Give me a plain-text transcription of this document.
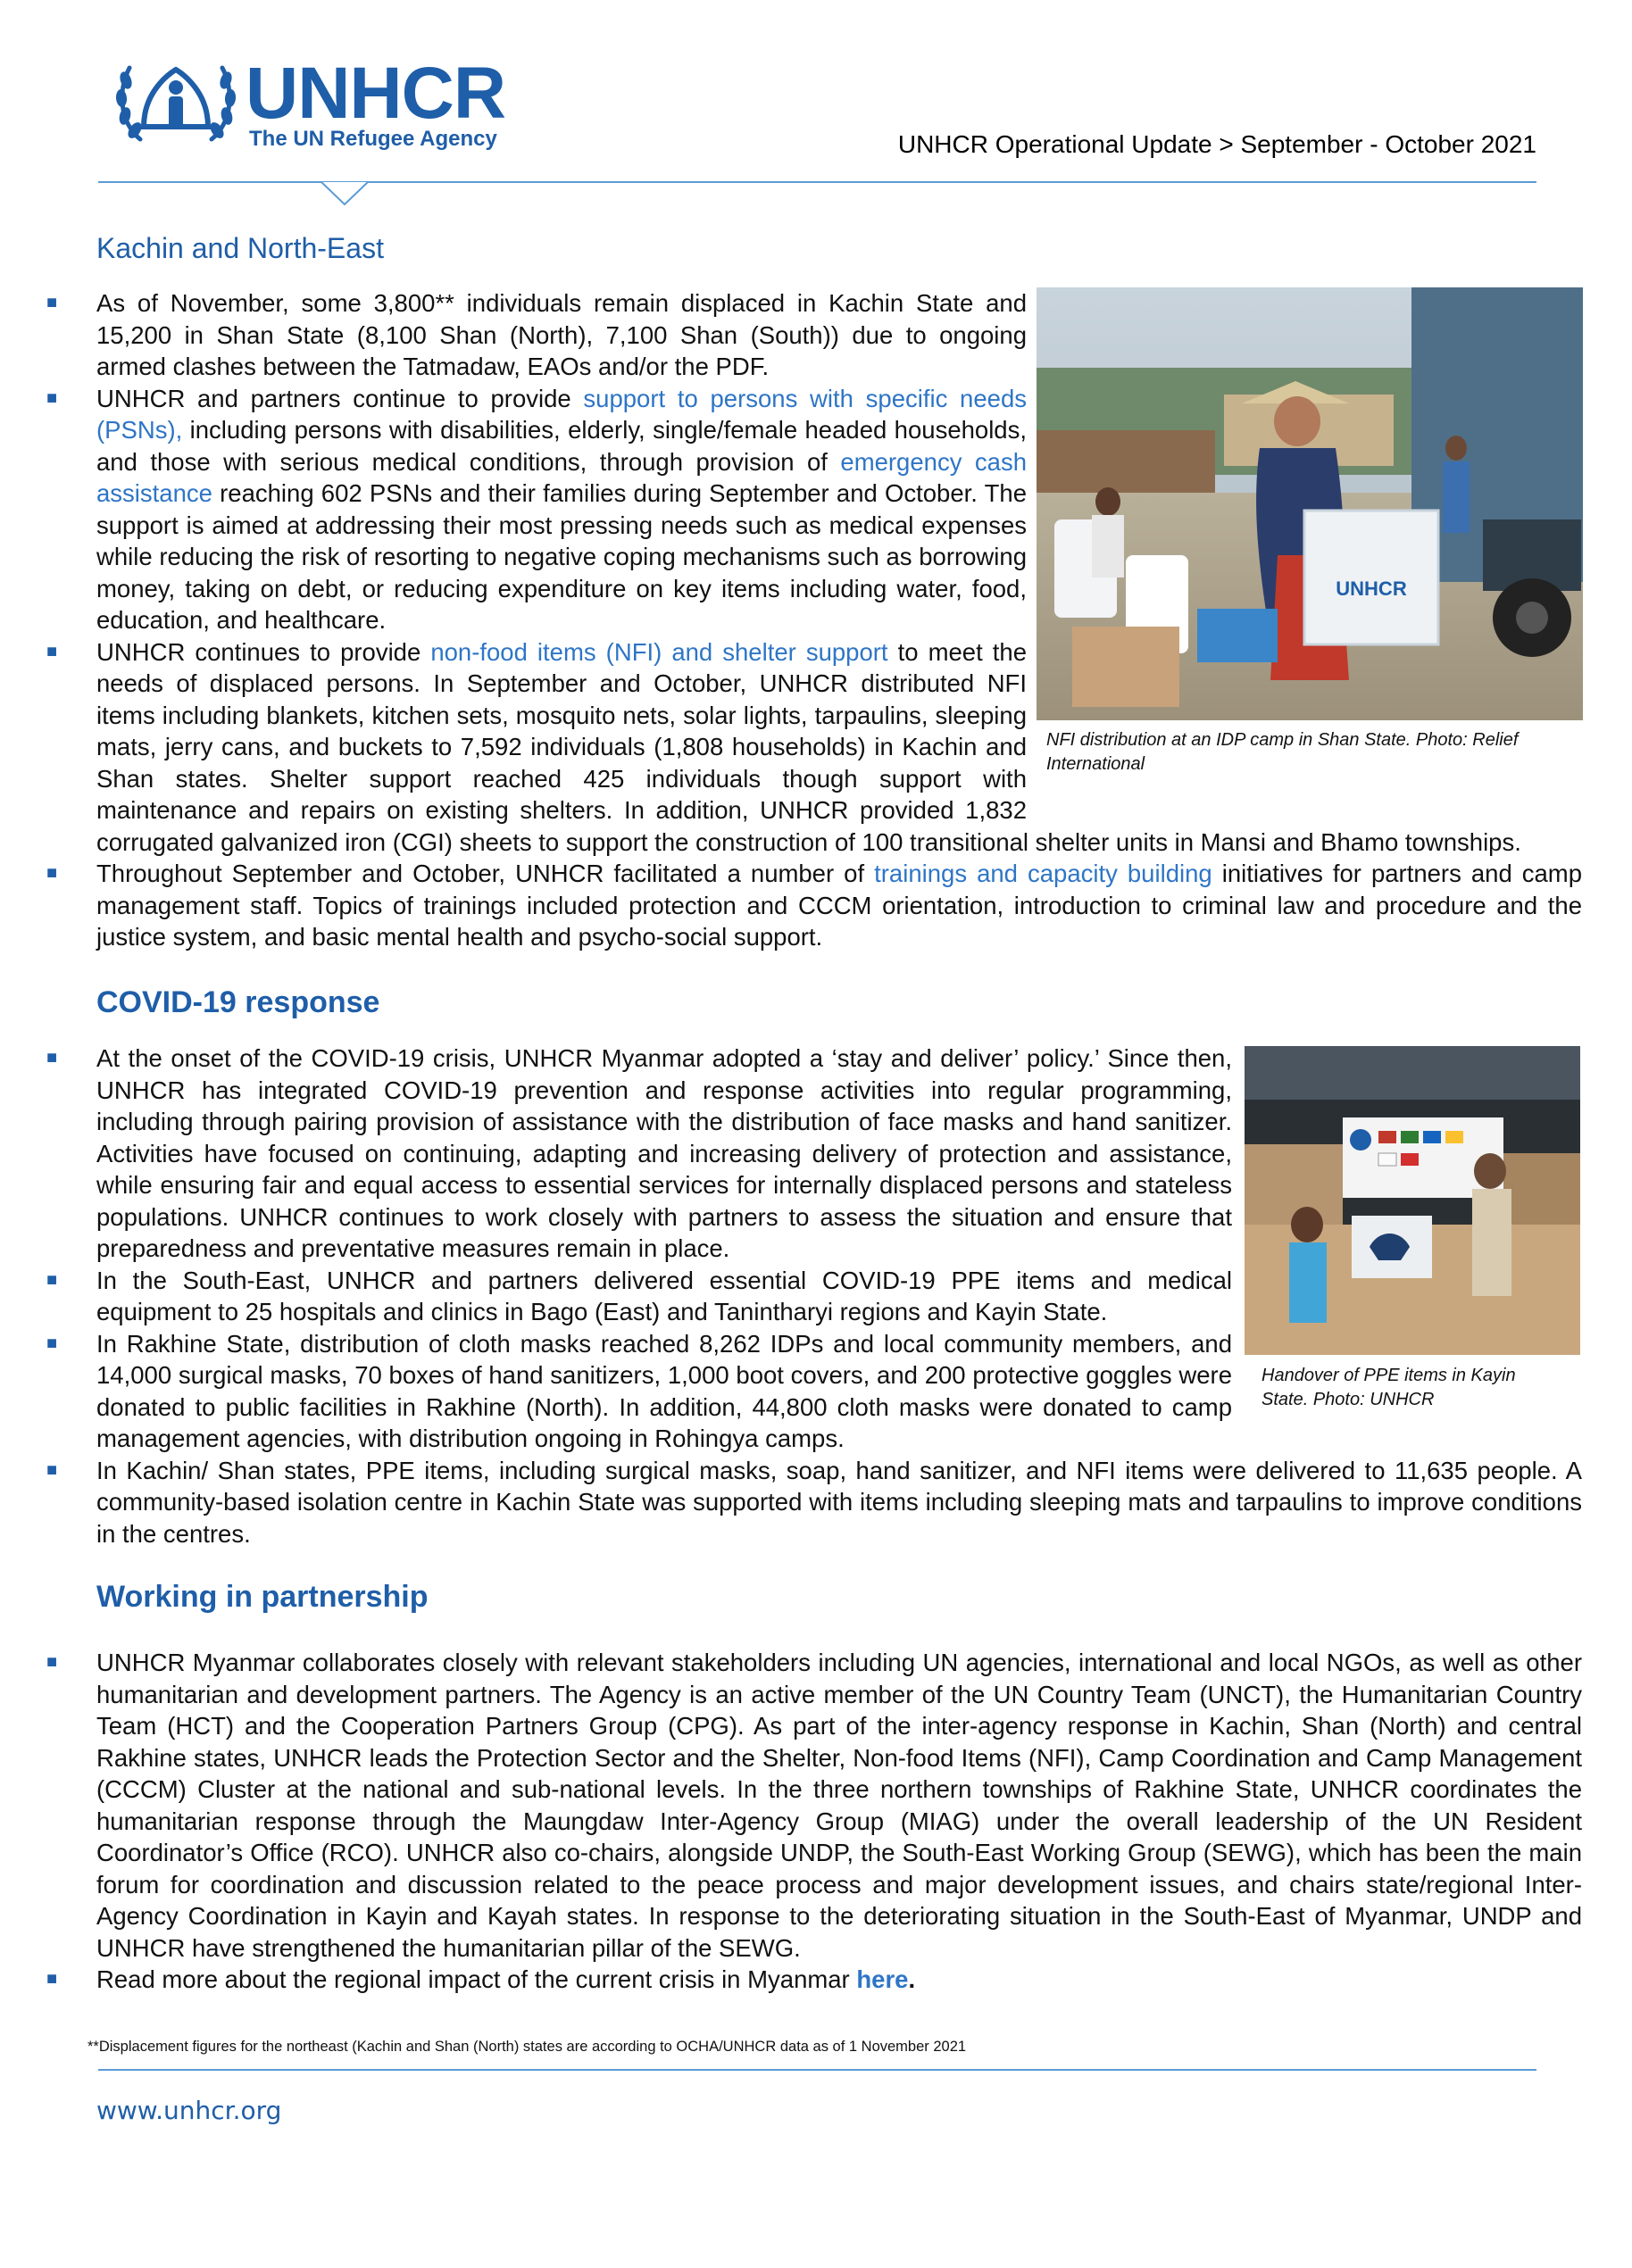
UNHCR
The UN Refugee Agency	UNHCR Operational Update > September - October 2021
Kachin and North-East
UNHCR
NFI distribution at an IDP camp in Shan State. Photo: Relief International
■ As of November, some 3,800** individuals remain displaced in Kachin State and 15,200 in Shan State (8,100 Shan (North), 7,100 Shan (South)) due to ongoing armed clashes between the Tatmadaw, EAOs and/or the PDF.
■ UNHCR and partners continue to provide support to persons with specific needs (PSNs), including persons with disabilities, elderly, single/female headed households, and those with serious medical conditions, through provision of emergency cash assistance reaching 602 PSNs and their families during September and October. The support is aimed at addressing their most pressing needs such as medical expenses while reducing the risk of resorting to negative coping mechanisms such as borrowing money, taking on debt, or reducing expenditure on key items including water, food, education, and healthcare.
■ UNHCR continues to provide non-food items (NFI) and shelter support to meet the needs of displaced persons. In September and October, UNHCR distributed NFI items including blankets, kitchen sets, mosquito nets, solar lights, tarpaulins, sleeping mats, jerry cans, and buckets to 7,592 individuals (1,808 households) in Kachin and Shan states. Shelter support reached 425 individuals though support with maintenance and repairs on existing shelters. In addition, UNHCR provided 1,832 corrugated galvanized iron (CGI) sheets to support the construction of 100 transitional shelter units in Mansi and Bhamo townships.
■ Throughout September and October, UNHCR facilitated a number of trainings and capacity building initiatives for partners and camp management staff. Topics of trainings included protection and CCCM orientation, introduction to criminal law and procedure and the justice system, and basic mental health and psycho-social support.
COVID-19 response
Handover of PPE items in Kayin State. Photo: UNHCR
■ At the onset of the COVID-19 crisis, UNHCR Myanmar adopted a ‘stay and deliver’ policy.’ Since then, UNHCR has integrated COVID-19 prevention and response activities into regular programming, including through pairing provision of assistance with the distribution of face masks and hand sanitizer. Activities have focused on continuing, adapting and increasing delivery of protection and assistance, while ensuring fair and equal access to essential services for internally displaced persons and stateless populations. UNHCR continues to work closely with partners to assess the situation and ensure that preparedness and preventative measures remain in place.
■ In the South-East, UNHCR and partners delivered essential COVID-19 PPE items and medical equipment to 25 hospitals and clinics in Bago (East) and Tanintharyi regions and Kayin State.
■ In Rakhine State, distribution of cloth masks reached 8,262 IDPs and local community members, and 14,000 surgical masks, 70 boxes of hand sanitizers, 1,000 boot covers, and 200 protective goggles were donated to public facilities in Rakhine (North). In addition, 44,800 cloth masks were donated to camp management agencies, with distribution ongoing in Rohingya camps.
■ In Kachin/ Shan states, PPE items, including surgical masks, soap, hand sanitizer, and NFI items were delivered to 11,635 people. A community-based isolation centre in Kachin State was supported with items including sleeping mats and tarpaulins to improve conditions in the centres.
Working in partnership
■ UNHCR Myanmar collaborates closely with relevant stakeholders including UN agencies, international and local NGOs, as well as other humanitarian and development partners. The Agency is an active member of the UN Country Team (UNCT), the Humanitarian Country Team (HCT) and the Cooperation Partners Group (CPG). As part of the inter-agency response in Kachin, Shan (North) and central Rakhine states, UNHCR leads the Protection Sector and the Shelter, Non-food Items (NFI), Camp Coordination and Camp Management (CCCM) Cluster at the national and sub-national levels. In the three northern townships of Rakhine State, UNHCR coordinates the humanitarian response through the Maungdaw Inter-Agency Group (MIAG) under the overall leadership of the UN Resident Coordinator’s Office (RCO). UNHCR also co-chairs, alongside UNDP, the South-East Working Group (SEWG), which has been the main forum for coordination and discussion related to the peace process and major development issues, and chairs state/regional Inter-Agency Coordination in Kayin and Kayah states. In response to the deteriorating situation in the South-East of Myanmar, UNDP and UNHCR have strengthened the humanitarian pillar of the SEWG.
■ Read more about the regional impact of the current crisis in Myanmar here.
**Displacement figures for the northeast (Kachin and Shan (North) states are according to OCHA/UNHCR data as of 1 November 2021
www.unhcr.org
